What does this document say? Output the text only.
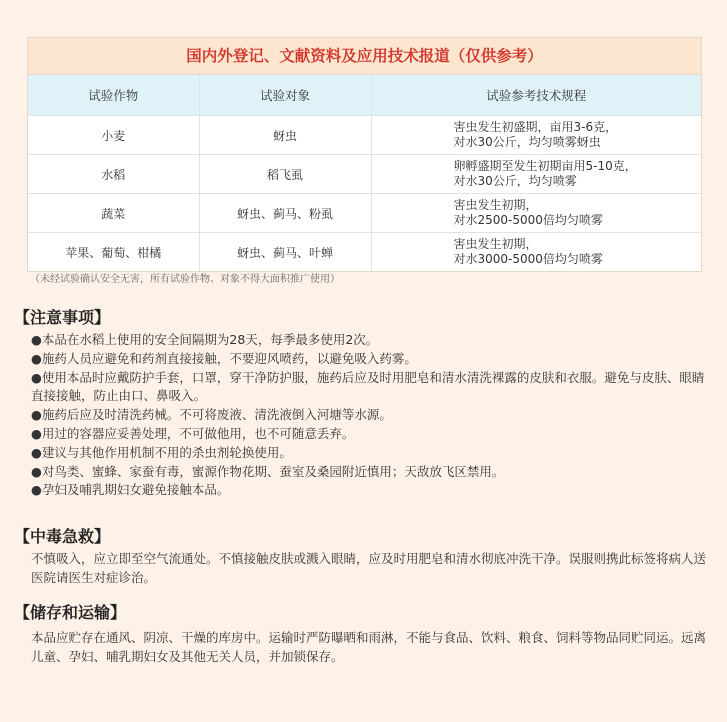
国内外登记、文献资料及应用技术报道（仅供参考）
试验作物	试验对象	试验参考技术规程
小麦	蚜虫	害虫发生初盛期，亩用3-6克，
对水30公斤，均匀喷雾蚜虫

水稻	稻飞虱	卵孵盛期至发生初期亩用5-10克，
对水30公斤，均匀喷雾

蔬菜	蚜虫、蓟马、粉虱	害虫发生初期，
对水2500-5000倍均匀喷雾

苹果、葡萄、柑橘	蚜虫、蓟马、叶蝉	害虫发生初期，
对水3000-5000倍均匀喷雾
（未经试验确认安全无害，所有试验作物、对象不得大面积推广使用）
【注意事项】
●本品在水稻上使用的安全间隔期为28天，每季最多使用2次。
●施药人员应避免和药剂直接接触，不要迎风喷药，以避免吸入药雾。
●使用本品时应戴防护手套，口罩，穿干净防护服，施药后应及时用肥皂和清水清洗裸露的皮肤和衣服。避免与皮肤、眼睛直接接触，防止由口、鼻吸入。
●施药后应及时清洗药械。不可将废液、清洗液倒入河塘等水源。
●用过的容器应妥善处理，不可做他用，也不可随意丢弃。
●建议与其他作用机制不用的杀虫剂轮换使用。
●对鸟类、蜜蜂、家蚕有毒，蜜源作物花期、蚕室及桑园附近慎用；天敌放飞区禁用。
●孕妇及哺乳期妇女避免接触本品。
【中毒急救】

不慎吸入，应立即至空气流通处。不慎接触皮肤或溅入眼睛，应及时用肥皂和清水彻底冲洗干净。误服则携此标签将病人送医院请医生对症诊治。

【储存和运输】

本品应贮存在通风、阴凉、干燥的库房中。运输时严防曝晒和雨淋，不能与食品、饮料、粮食、饲料等物品同贮同运。远离儿童、孕妇、哺乳期妇女及其他无关人员，并加锁保存。
